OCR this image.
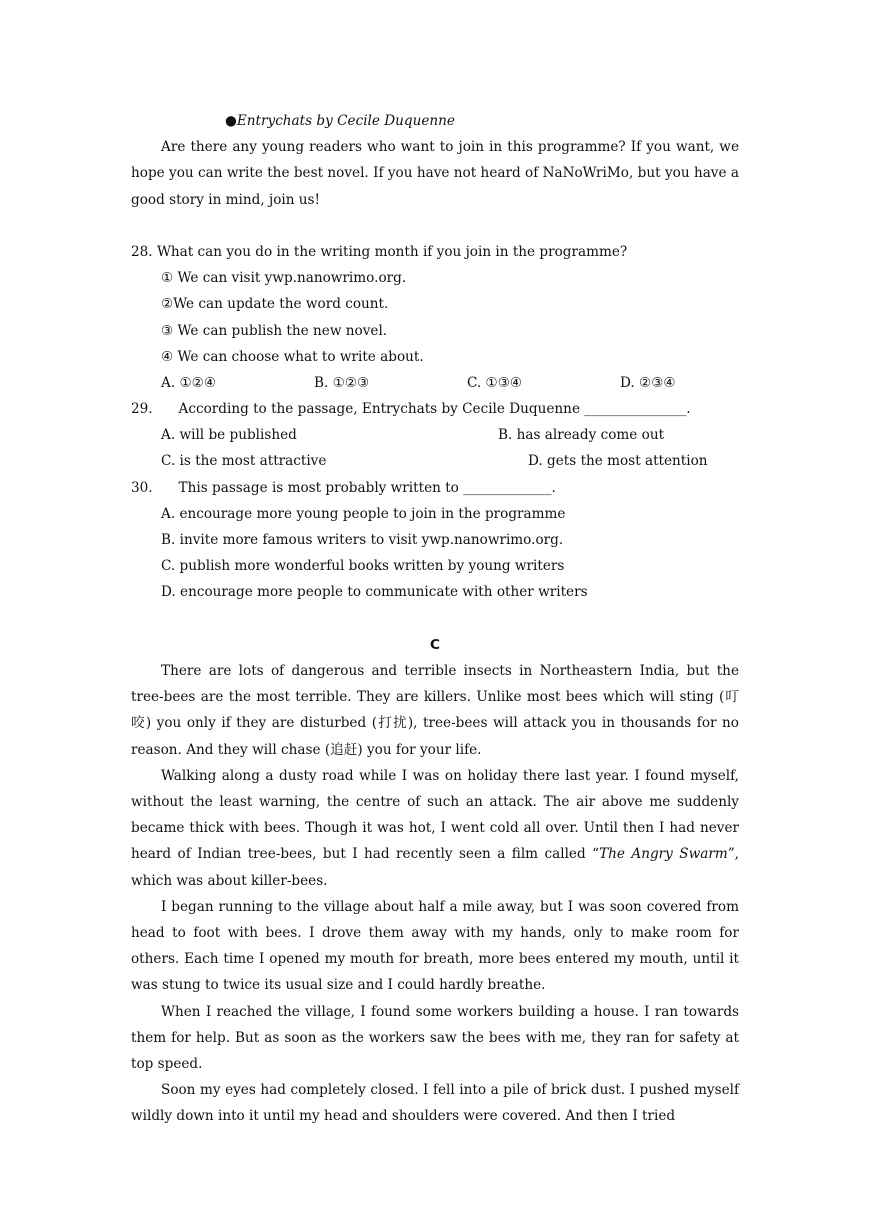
●Entrychats by Cecile Duquenne

Are there any young readers who want to join in this programme? If you want, we hope you can write the best novel. If you have not heard of NaNoWriMo, but you have a good story in mind, join us!

28. What can you do in the writing month if you join in the programme?
① We can visit ywp.nanowrimo.org.
②We can update the word count.
③ We can publish the new novel.
④ We can choose what to write about.
A. ①②④	B. ①②③	C. ①③④	D. ②③④
29.      According to the passage, Entrychats by Cecile Duquenne _______________.
A. will be published	B. has already come out
C. is the most attractive	D. gets the most attention
30.      This passage is most probably written to _____________.
A. encourage more young people to join in the programme
B. invite more famous writers to visit ywp.nanowrimo.org.
C. publish more wonderful books written by young writers
D. encourage more people to communicate with other writers
C

There are lots of dangerous and terrible insects in Northeastern India, but the tree-bees are the most terrible. They are killers. Unlike most bees which will sting (叮咬) you only if they are disturbed (打扰), tree-bees will attack you in thousands for no reason. And they will chase (追赶) you for your life.

Walking along a dusty road while I was on holiday there last year. I found myself, without the least warning, the centre of such an attack. The air above me suddenly became thick with bees. Though it was hot, I went cold all over. Until then I had never heard of Indian tree-bees, but I had recently seen a film called “The Angry Swarm”, which was about killer-bees.

I began running to the village about half a mile away, but I was soon covered from head to foot with bees. I drove them away with my hands, only to make room for others. Each time I opened my mouth for breath, more bees entered my mouth, until it was stung to twice its usual size and I could hardly breathe.

When I reached the village, I found some workers building a house. I ran towards them for help. But as soon as the workers saw the bees with me, they ran for safety at top speed.

Soon my eyes had completely closed. I fell into a pile of brick dust. I pushed myself wildly down into it until my head and shoulders were covered. And then I tried
